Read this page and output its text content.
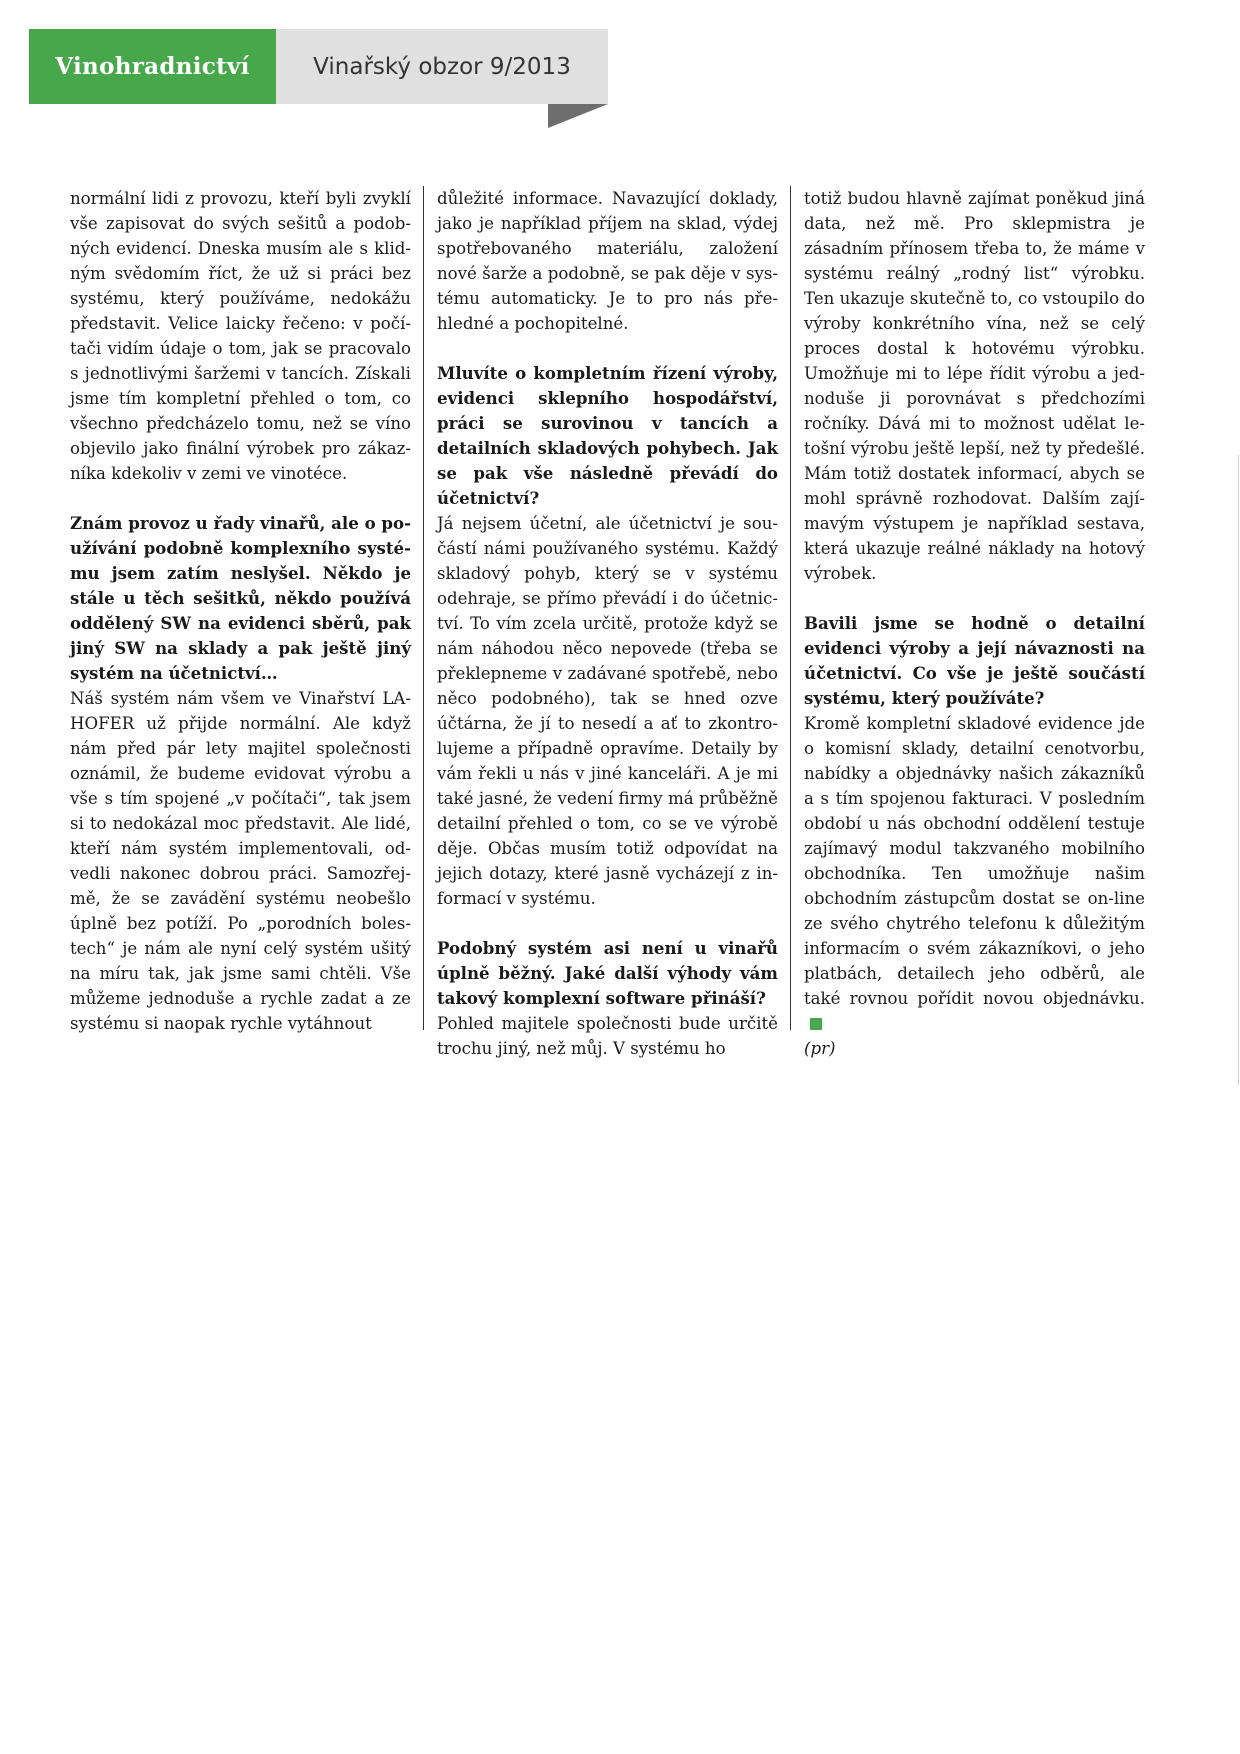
Vinohradnictví	Vinařský obzor 9/2013

normální lidi z provozu, kteří byli zvyklí vše zapisovat do svých sešitů a podobných evidencí. Dneska musím ale s klidným svědomím říct, že už si práci bez systému, který používáme, nedokážu představit. Velice laicky řečeno: v počítači vidím údaje o tom, jak se pracovalo s jednotlivými šaržemi v tancích. Získali jsme tím kompletní přehled o tom, co všechno předcházelo tomu, než se víno objevilo jako finální výrobek pro zákazníka kdekoliv v zemi ve vinotéce.

Znám provoz u řady vinařů, ale o používání podobně komplexního systému jsem zatím neslyšel. Někdo je stále u těch sešitků, někdo používá oddělený SW na evidenci sběrů, pak jiný SW na sklady a pak ještě jiný systém na účetnictví…

Náš systém nám všem ve Vinařství LAHOFER už přijde normální. Ale když nám před pár lety majitel společnosti oznámil, že budeme evidovat výrobu a vše s tím spojené „v počítači“, tak jsem si to nedokázal moc představit. Ale lidé, kteří nám systém implementovali, odvedli nakonec dobrou práci. Samozřejmě, že se zavádění systému neobešlo úplně bez potíží. Po „porodních bolestech“ je nám ale nyní celý systém ušitý na míru tak, jak jsme sami chtěli. Vše můžeme jednoduše a rychle zadat a ze systému si naopak rychle vytáhnout

důležité informace. Navazující doklady, jako je například příjem na sklad, výdej spotřebovaného materiálu, založení nové šarže a podobně, se pak děje v systému automaticky. Je to pro nás přehledné a pochopitelné.

Mluvíte o kompletním řízení výroby, evidenci sklepního hospodářství, práci se surovinou v tancích a detailních skladových pohybech. Jak se pak vše následně převádí do účetnictví?

Já nejsem účetní, ale účetnictví je součástí námi používaného systému. Každý skladový pohyb, který se v systému odehraje, se přímo převádí i do účetnictví. To vím zcela určitě, protože když se nám náhodou něco nepovede (třeba se překlepneme v zadávané spotřebě, nebo něco podobného), tak se hned ozve účtárna, že jí to nesedí a ať to zkontrolujeme a případně opravíme. Detaily by vám řekli u nás v jiné kanceláři. A je mi také jasné, že vedení firmy má průběžně detailní přehled o tom, co se ve výrobě děje. Občas musím totiž odpovídat na jejich dotazy, které jasně vycházejí z informací v systému.

Podobný systém asi není u vinařů úplně běžný. Jaké další výhody vám takový komplexní software přináší?

Pohled majitele společnosti bude určitě trochu jiný, než můj. V systému ho

totiž budou hlavně zajímat poněkud jiná data, než mě. Pro sklepmistra je zásadním přínosem třeba to, že máme v systému reálný „rodný list“ výrobku. Ten ukazuje skutečně to, co vstoupilo do výroby konkrétního vína, než se celý proces dostal k hotovému výrobku. Umožňuje mi to lépe řídit výrobu a jednoduše ji porovnávat s předchozími ročníky. Dává mi to možnost udělat letošní výrobu ještě lepší, než ty předešlé. Mám totiž dostatek informací, abych se mohl správně rozhodovat. Dalším zajímavým výstupem je například sestava, která ukazuje reálné náklady na hotový výrobek.

Bavili jsme se hodně o detailní evidenci výroby a její návaznosti na účetnictví. Co vše je ještě součástí systému, který používáte?

Kromě kompletní skladové evidence jde o komisní sklady, detailní cenotvorbu, nabídky a objednávky našich zákazníků a s tím spojenou fakturaci. V posledním období u nás obchodní oddělení testuje zajímavý modul takzvaného mobilního obchodníka. Ten umožňuje našim obchodním zástupcům dostat se on-line ze svého chytrého telefonu k důležitým informacím o svém zákazníkovi, o jeho platbách, detailech jeho odběrů, ale také rovnou pořídit novou objednávku.

(pr)
